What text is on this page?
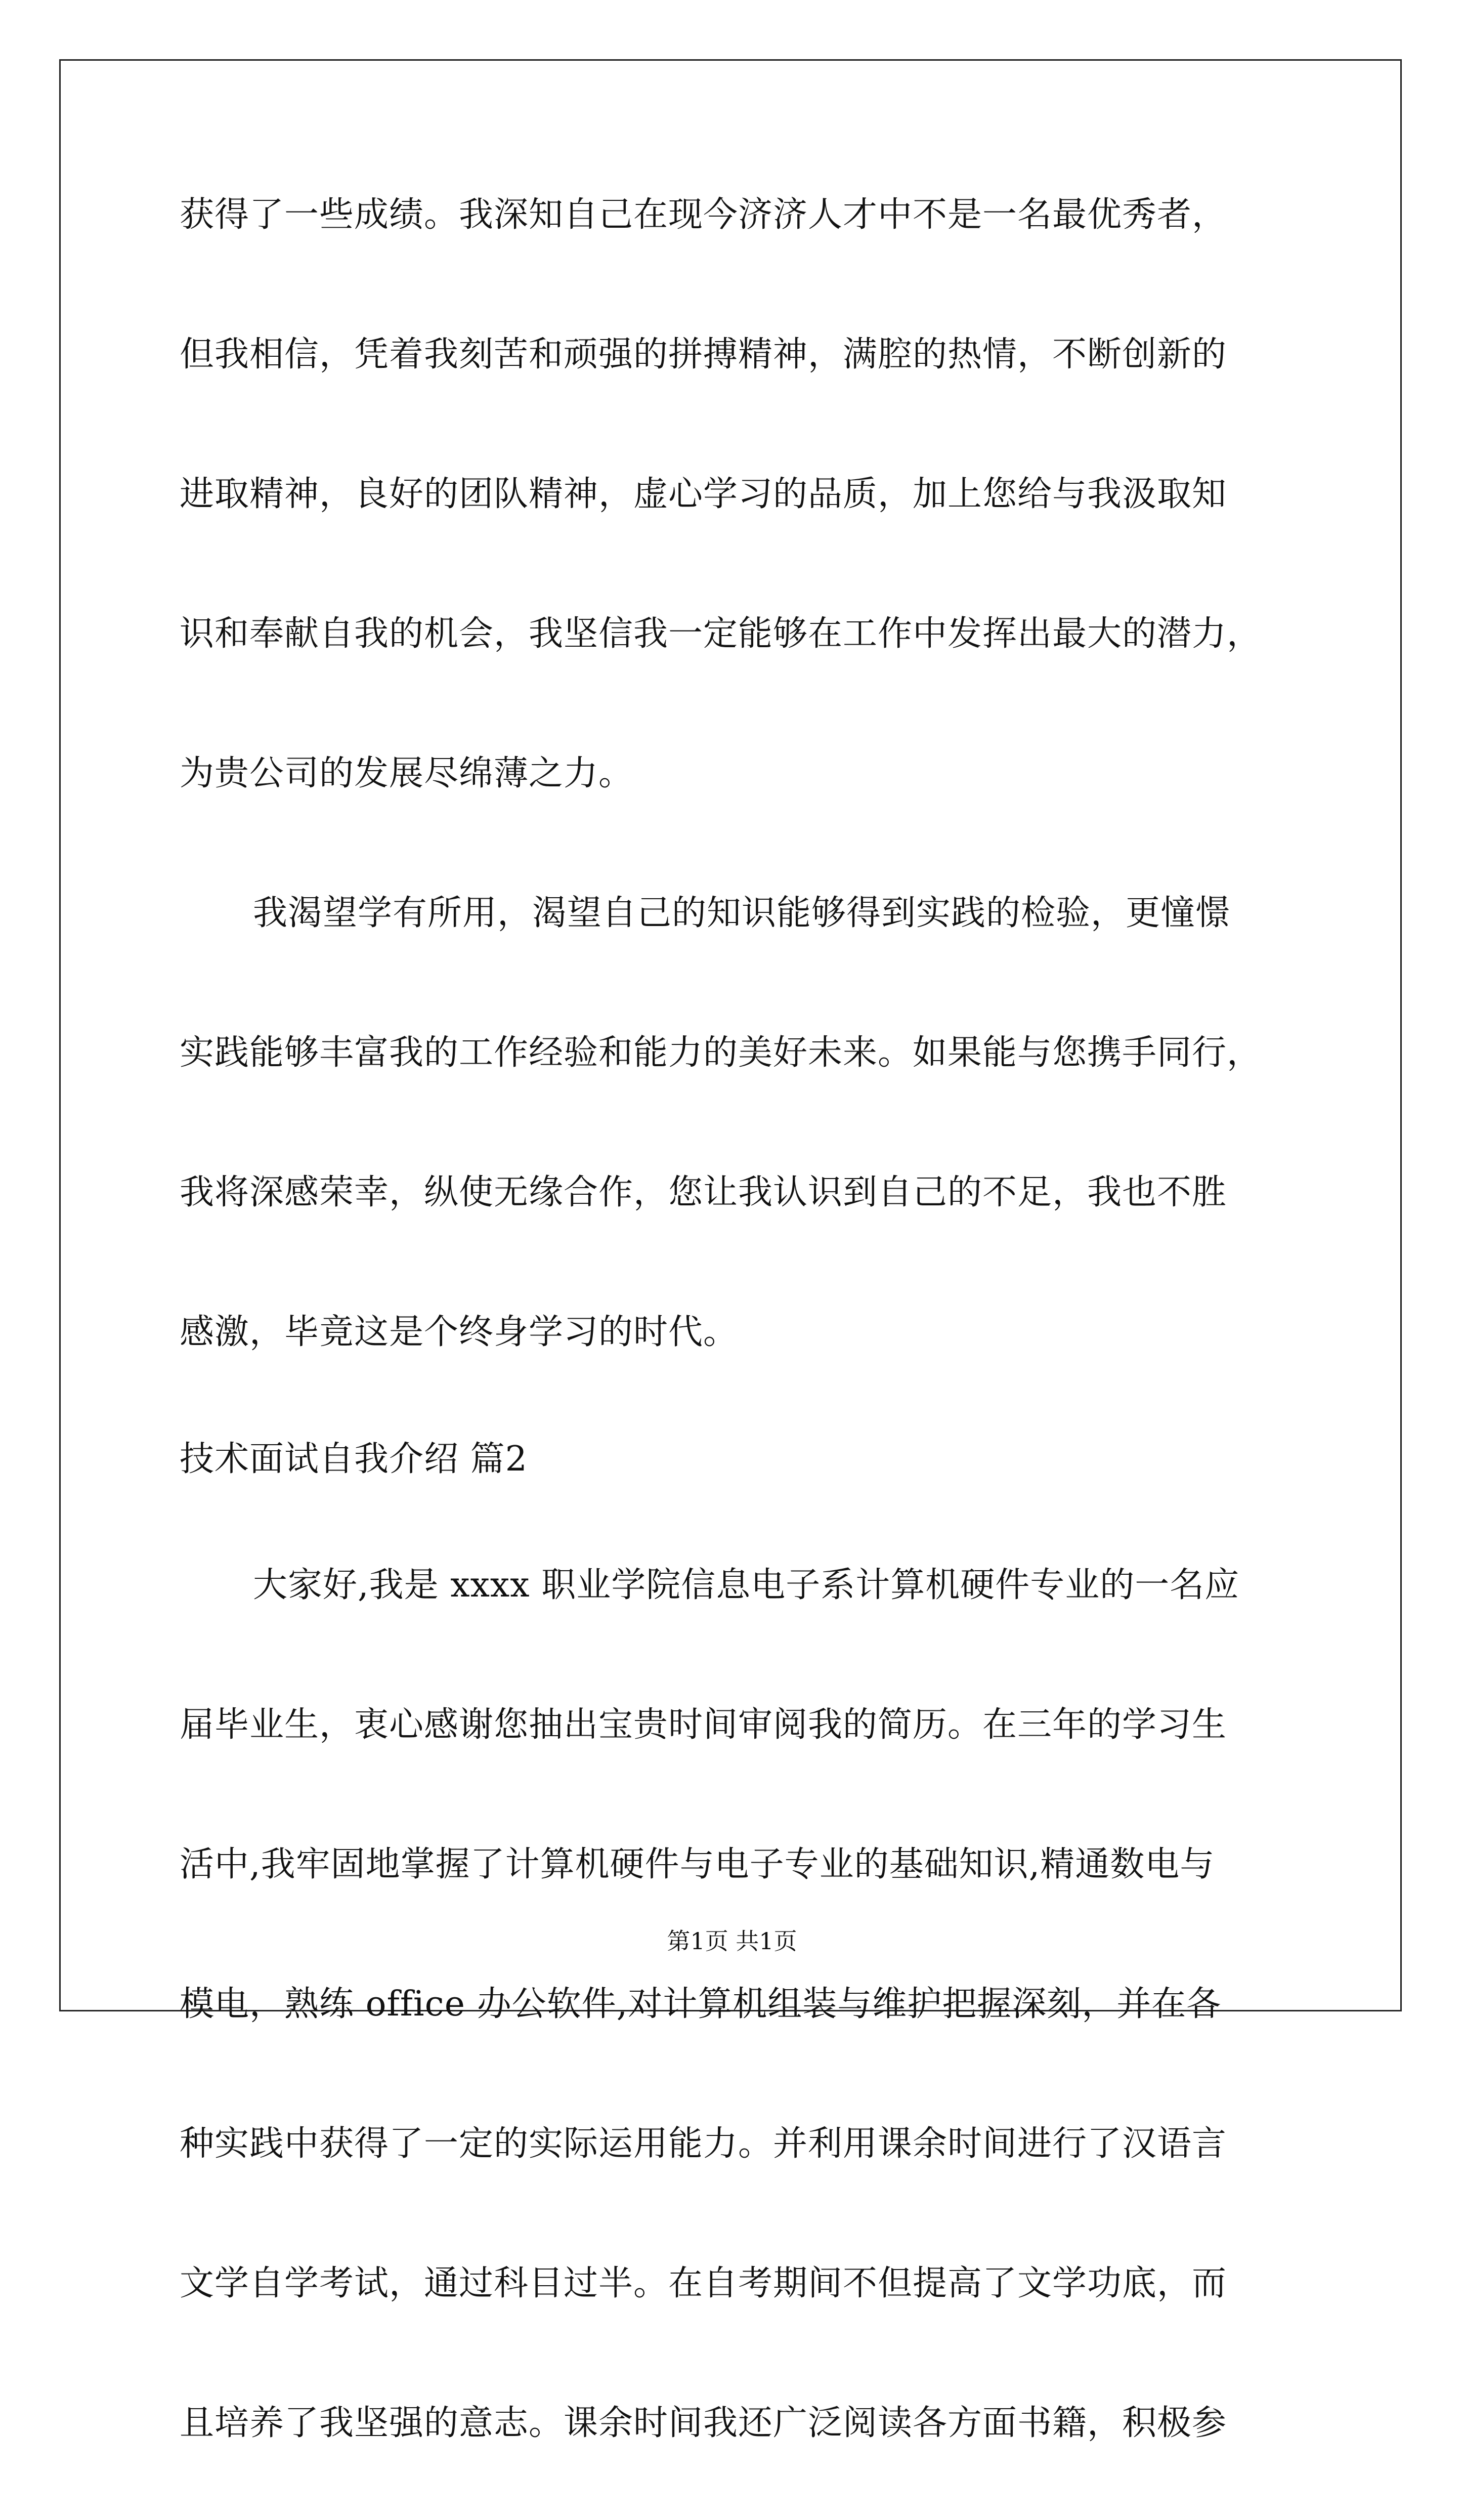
获得了一些成绩。我深知自己在现今济济人才中不是一名最优秀者，
但我相信，凭着我刻苦和顽强的拼搏精神，满腔的热情，不断创新的
进取精神，良好的团队精神，虚心学习的品质，加上您给与我汲取知
识和奉献自我的机会，我坚信我一定能够在工作中发挥出最大的潜力，
为贵公司的发展尽绵薄之力。
我渴望学有所用，渴望自己的知识能够得到实践的检验，更憧憬
实践能够丰富我的工作经验和能力的美好未来。如果能与您携手同行，
我将深感荣幸，纵使无缘合作，您让我认识到自己的不足，我也不胜
感激，毕竟这是个终身学习的时代。
技术面试自我介绍 篇2
大家好,我是 xxxx 职业学院信息电子系计算机硬件专业的一名应
届毕业生，衷心感谢您抽出宝贵时间审阅我的简历。在三年的学习生
活中,我牢固地掌握了计算机硬件与电子专业的基础知识,精通数电与
模电，熟练 office 办公软件,对计算机组装与维护把握深刻，并在各
种实践中获得了一定的实际运用能力。并利用课余时间进行了汉语言
文学自学考试，通过科目过半。在自考期间不但提高了文学功底，而
且培养了我坚强的意志。课余时间我还广泛阅读各方面书籍，积极参
第1页 共1页
